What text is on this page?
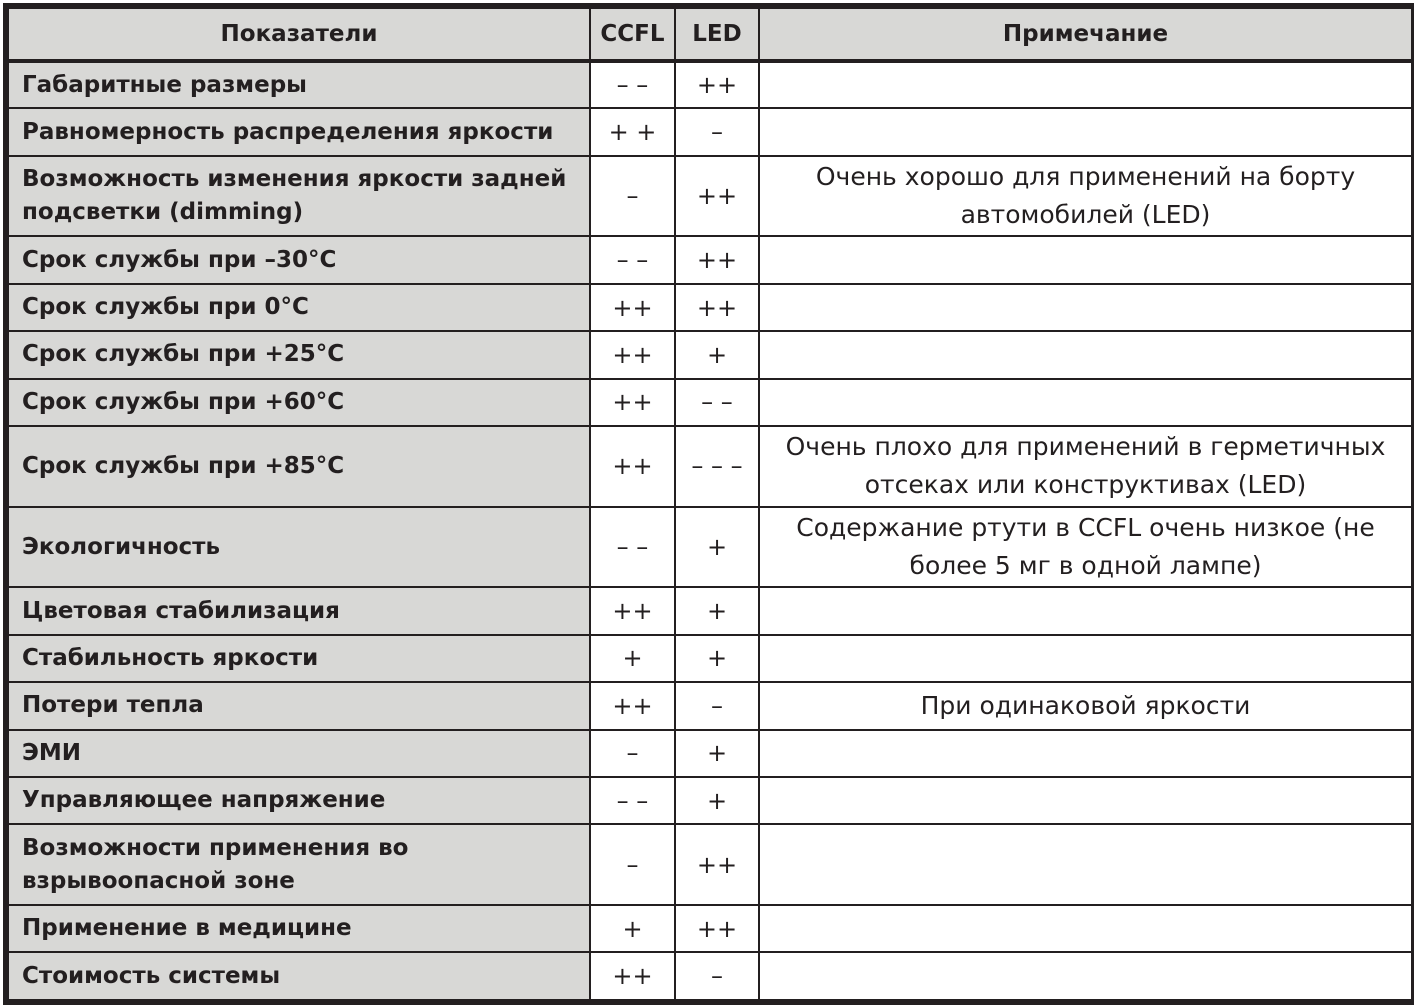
Показатели	CCFL	LED	Примечание
Габаритные размеры	– –	++	
Равномерность распределения яркости	+ +	–	
Возможность изменения яркости задней подсветки (dimming)	–	++	Очень хорошо для применений на борту автомобилей (LED)
Срок службы при –30°C	– –	++	
Срок службы при 0°C	++	++	
Срок службы при +25°C	++	+	
Срок службы при +60°C	++	– –	
Срок службы при +85°C	++	– – –	Очень плохо для применений в герметичных отсеках или конструктивах (LED)
Экологичность	– –	+	Содержание ртути в CCFL очень низкое (не более 5 мг в одной лампе)
Цветовая стабилизация	++	+	
Стабильность яркости	+	+	
Потери тепла	++	–	При одинаковой яркости
ЭМИ	–	+	
Управляющее напряжение	– –	+	
Возможности применения во взрывоопасной зоне	–	++	
Применение в медицине	+	++	
Стоимость системы	++	–	
